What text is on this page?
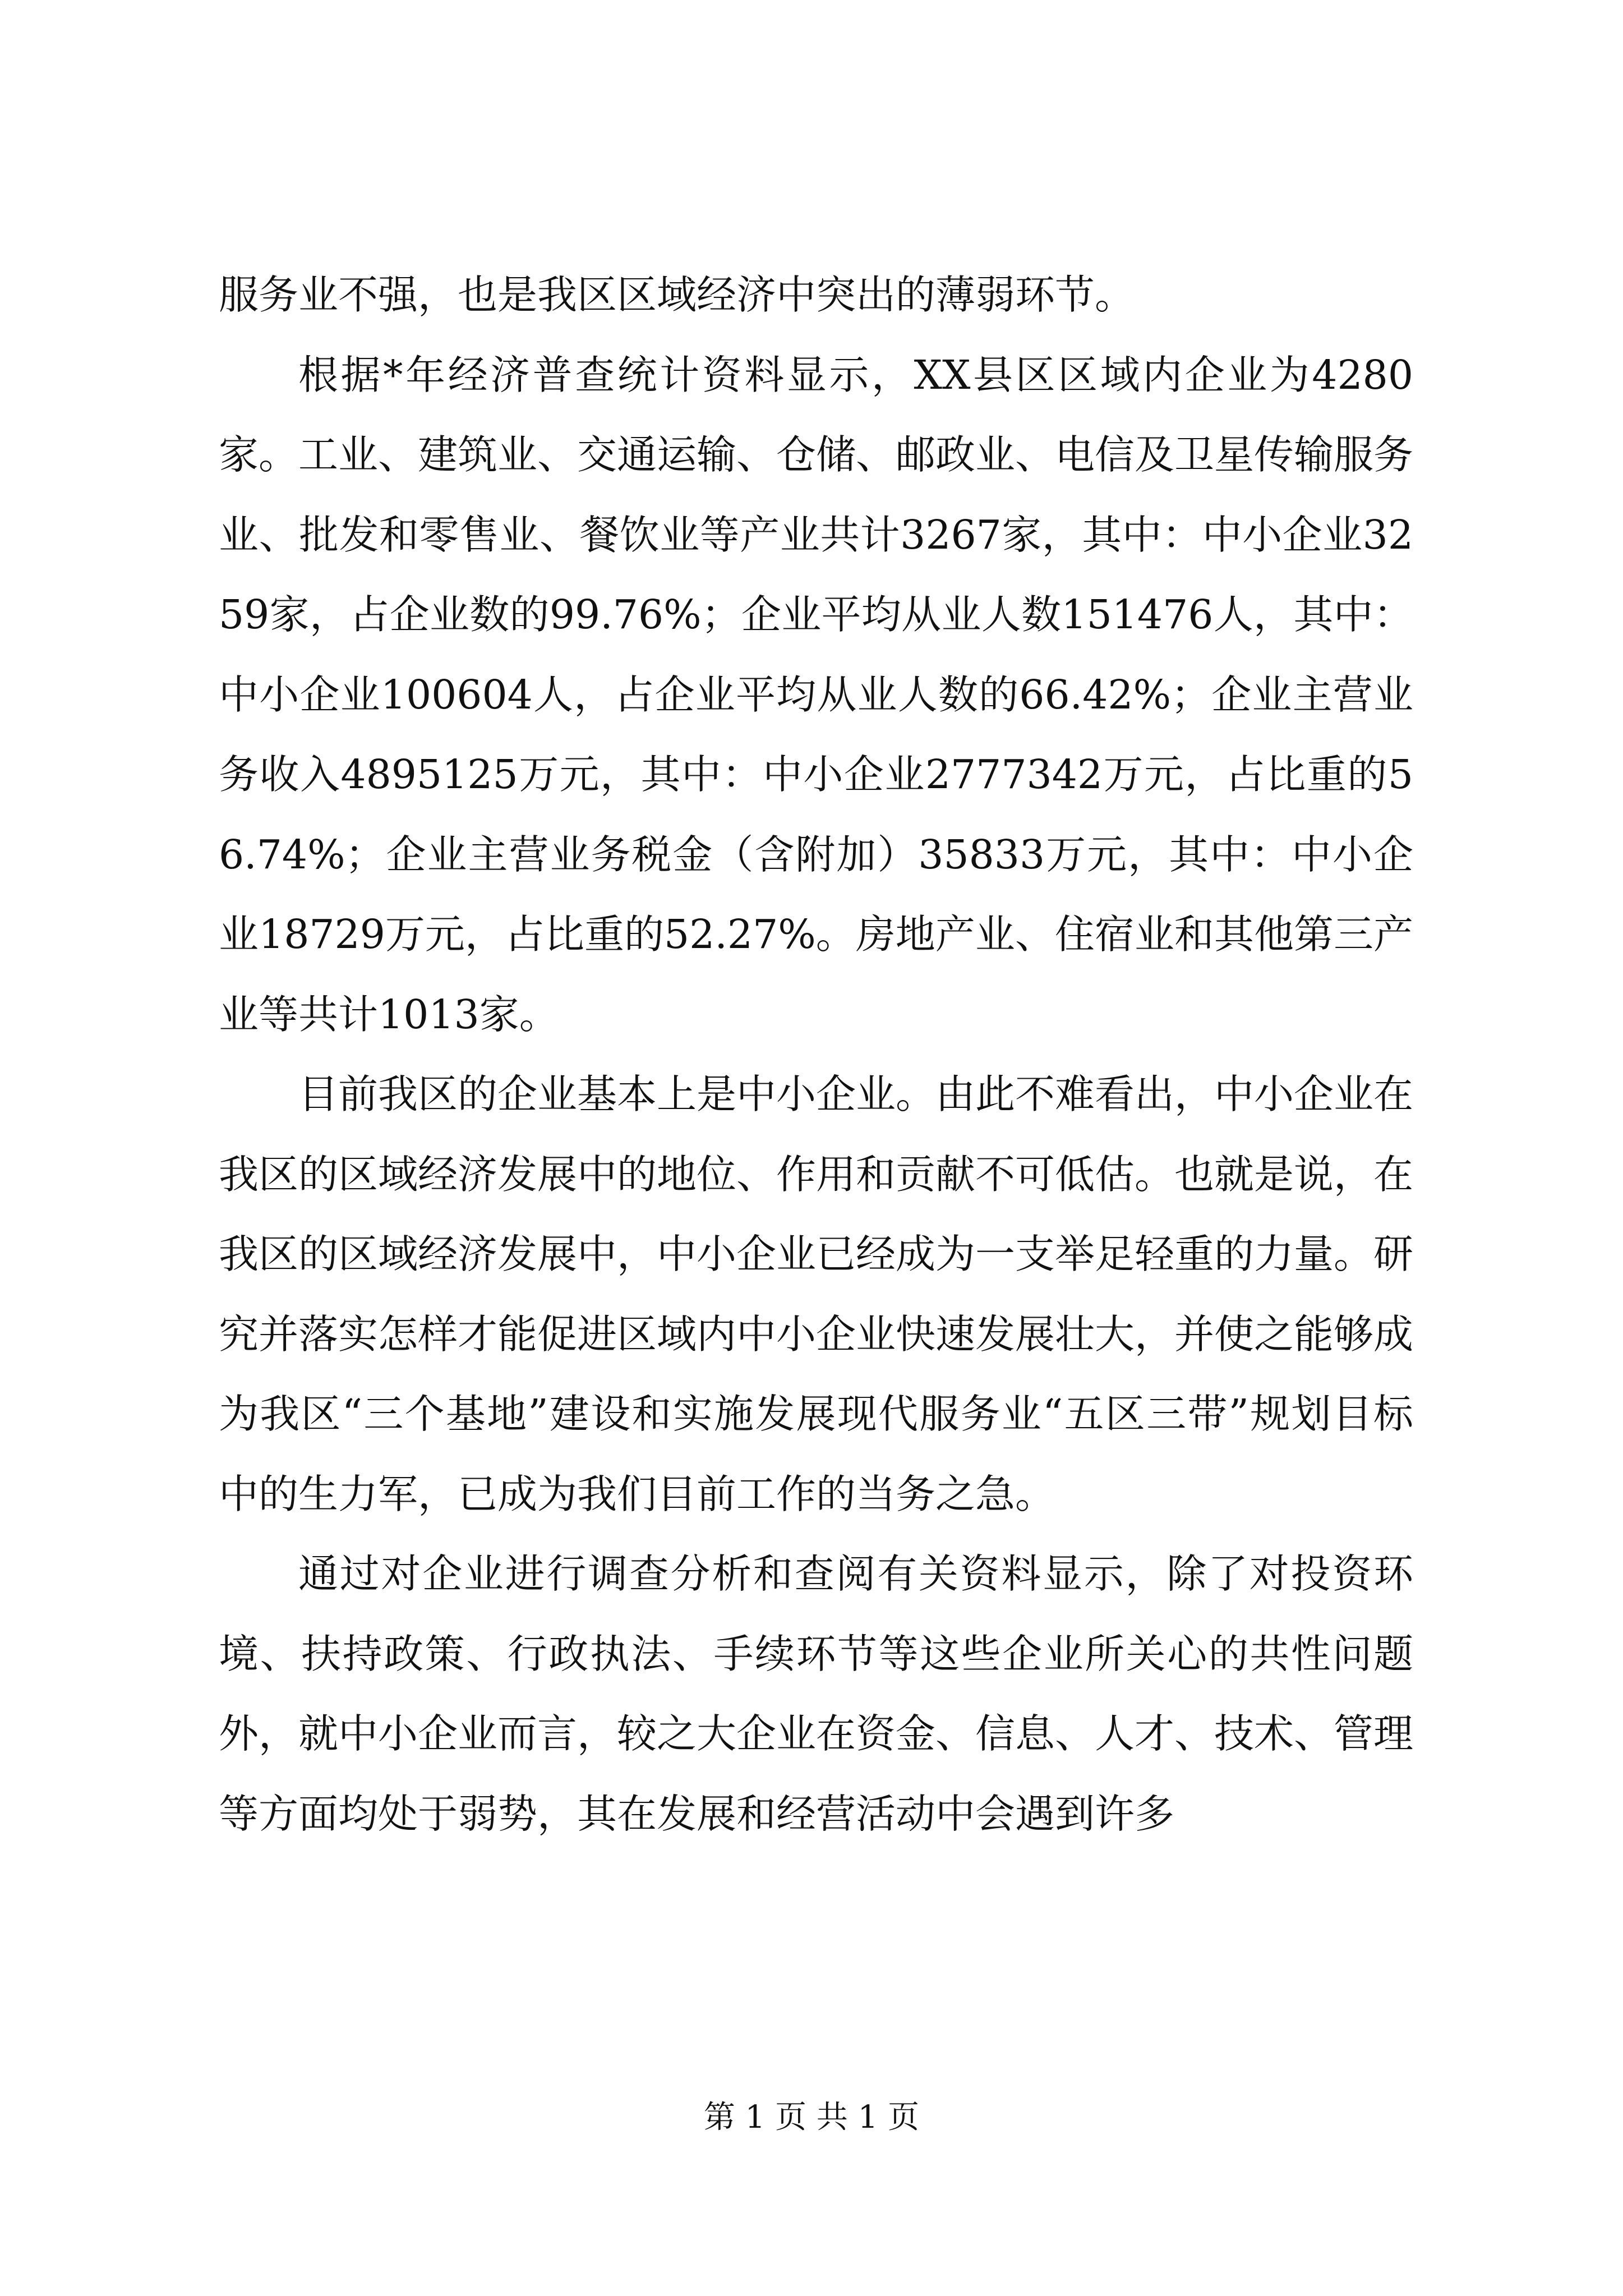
服务业不强，也是我区区域经济中突出的薄弱环节。

根据*年经济普查统计资料显示，XX县区区域内企业为4280家。工业、建筑业、交通运输、仓储、邮政业、电信及卫星传输服务业、批发和零售业、餐饮业等产业共计3267家，其中：中小企业3259家，占企业数的99.76%；企业平均从业人数151476人，其中：中小企业100604人，占企业平均从业人数的66.42%；企业主营业务收入4895125万元，其中：中小企业2777342万元，占比重的56.74%；企业主营业务税金（含附加）35833万元，其中：中小企业18729万元，占比重的52.27%。房地产业、住宿业和其他第三产业等共计1013家。

目前我区的企业基本上是中小企业。由此不难看出，中小企业在我区的区域经济发展中的地位、作用和贡献不可低估。也就是说，在我区的区域经济发展中，中小企业已经成为一支举足轻重的力量。研究并落实怎样才能促进区域内中小企业快速发展壮大，并使之能够成为我区“三个基地”建设和实施发展现代服务业“五区三带”规划目标中的生力军，已成为我们目前工作的当务之急。

通过对企业进行调查分析和查阅有关资料显示，除了对投资环境、扶持政策、行政执法、手续环节等这些企业所关心的共性问题外，就中小企业而言，较之大企业在资金、信息、人才、技术、管理等方面均处于弱势，其在发展和经营活动中会遇到许多

第 1 页 共 1 页
